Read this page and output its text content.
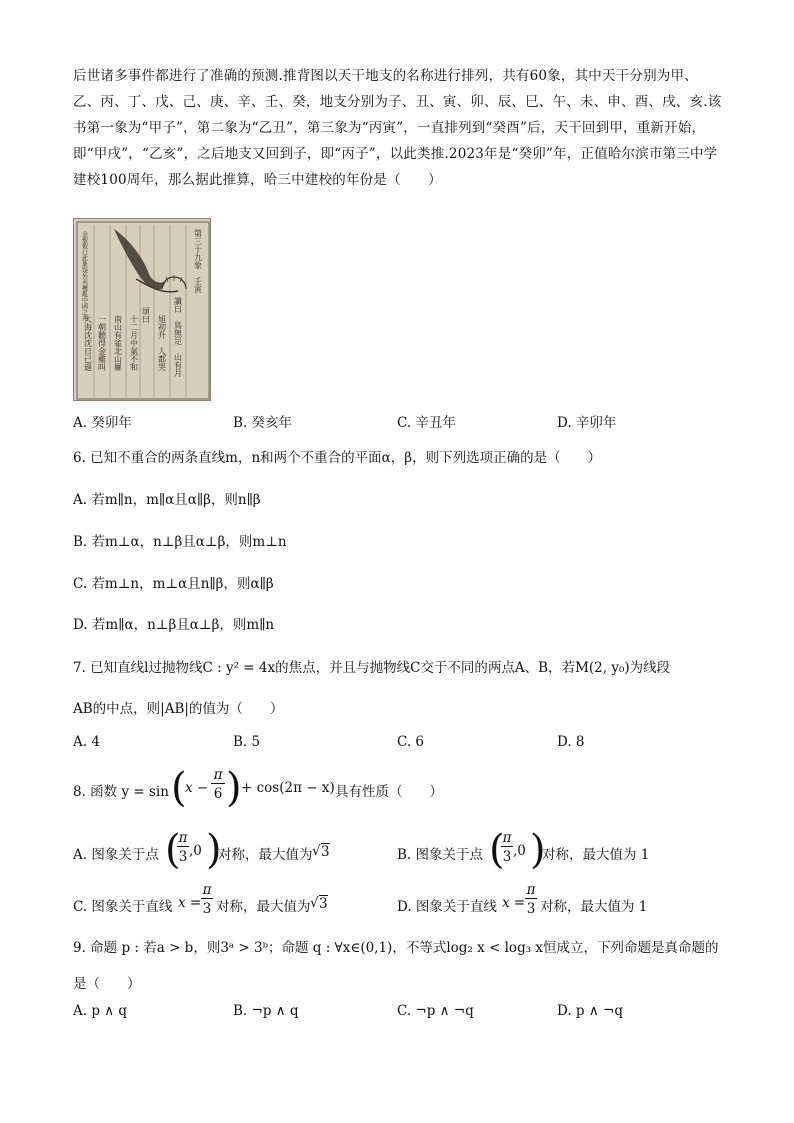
后世诸多事件都进行了准确的预测.推背图以天干地支的名称进行排列，共有60象，其中天干分别为甲、乙、丙、丁、戊、己、庚、辛、壬、癸，地支分别为子、丑、寅、卯、辰、巳、午、未、申、酉、戌、亥.该书第一象为“甲子”，第二象为“乙丑”，第三象为“丙寅”，一直排列到“癸酉”后，天干回到甲，重新开始，即“甲戌”，“乙亥”，之后地支又回到子，即“丙子”，以此类推.2023年是“癸卯”年，正值哈尔滨市第三中学建校100周年，那么据此推算，哈三中建校的年份是（　　）
第三十九象　壬寅
讖曰　鳥無足　山有月
旭初升　人都哭
頌曰
十二月中氣不和
南山有雀北山羅
一朝聽得金雞叫
大海沈沈日已過
金聖歎曰此象疑外夷擾亂中國之兆
A. 癸卯年	B. 癸亥年	C. 辛丑年	D. 辛卯年
6. 已知不重合的两条直线m，n和两个不重合的平面α，β，则下列选项正确的是（　　）
A. 若m∥n，m∥α且α∥β，则n∥β
B. 若m⊥α，n⊥β且α⊥β，则m⊥n
C. 若m⊥n，m⊥α且n∥β，则α∥β
D. 若m∥α，n⊥β且α⊥β，则m∥n
7. 已知直线l过抛物线C : y² = 4x的焦点，并且与抛物线C交于不同的两点A、B，若M(2, y₀)为线段
AB的中点，则|AB|的值为（　　）
A. 4	B. 5	C. 6	D. 8
8. 函数 y = sin (
x −
π
6 ) + cos(2π − x) 具有性质（　　）
A. 图象关于点 (
π
3 ,0 )
对称，最大值为 √ 3	B. 图象关于点 (
π
3 ,0 )
对称，最大值为 1
C. 图象关于直线 x =
π
3 对称，最大值为 √ 3	D. 图象关于直线 x =
π
3 对称，最大值为 1
9. 命题 p : 若a > b，则3ᵃ > 3ᵇ；命题 q : ∀x∈(0,1)，不等式log₂ x < log₃ x恒成立，下列命题是真命题的
是（　　）
A. p ∧ q	B. ¬p ∧ q	C. ¬p ∧ ¬q	D. p ∧ ¬q
